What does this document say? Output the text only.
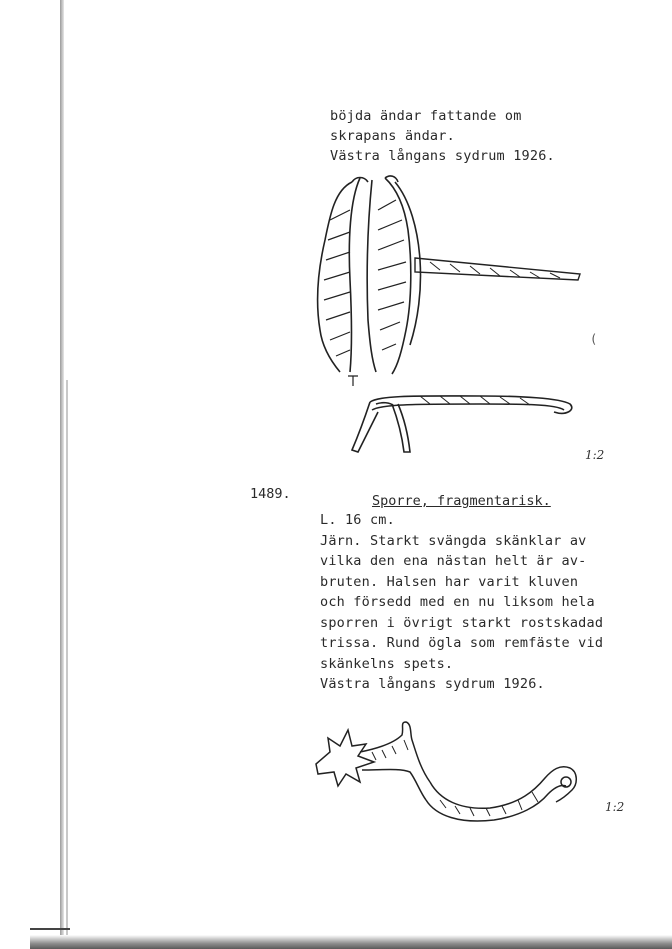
böjda ändar fattande om
skrapans ändar.
Västra långans sydrum 1926.
(
1:2
1489.	Sporre, fragmentarisk.
L. 16 cm.
Järn. Starkt svängda skänklar av
vilka den ena nästan helt är av-
bruten. Halsen har varit kluven
och försedd med en nu liksom hela
sporren i övrigt starkt rostskadad
trissa. Rund ögla som remfäste vid
skänkelns spets.
Västra långans sydrum 1926.
1:2
